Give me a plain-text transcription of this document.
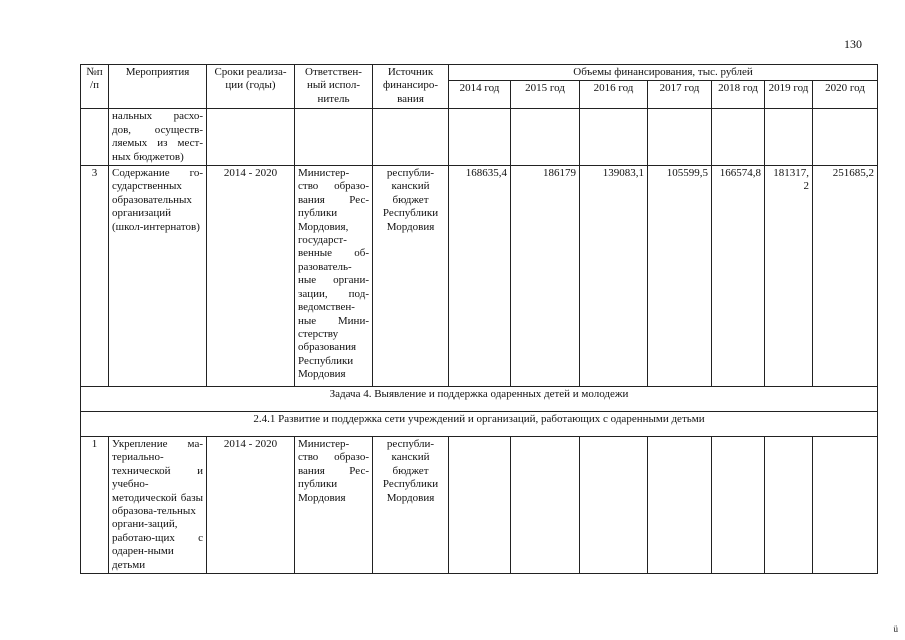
130
№п /п	Мероприятия	Сроки реализа-ции (годы)	Ответствен-ный испол-нитель	Источник финансиро-вания	Объемы финансирования, тыс. рублей						
					2014 год	2015 год	2016 год	2017 год	2018 год	2019 год	2020 год
	нальных расхо-дов, осуществ-ляемых из мест-ных бюджетов)										
3	Содержание го-сударственных образовательных организаций (школ-интернатов)	2014 - 2020	Министер-ство образо-вания Рес-публики Мордовия, государст-венные об-разователь-ные органи-зации, под-ведомствен-ные Мини-стерству образования Республики Мордовия	республи-канский бюджет Республики Мордовия	168635,4	186179	139083,1	105599,5	166574,8	181317,2	251685,2
Задача 4. Выявление и поддержка одаренных детей и молодежи											
2.4.1 Развитие и поддержка сети учреждений и организаций, работающих с одаренными детьми											
1	Укрепление ма-териально-технической и учебно-методической базы образова-тельных органи-заций, работаю-щих с одарен-ными детьми	2014 - 2020	Министер-ство образо-вания Рес-публики Мордовия	республи-канский бюджет Республики Мордовия							
ü
